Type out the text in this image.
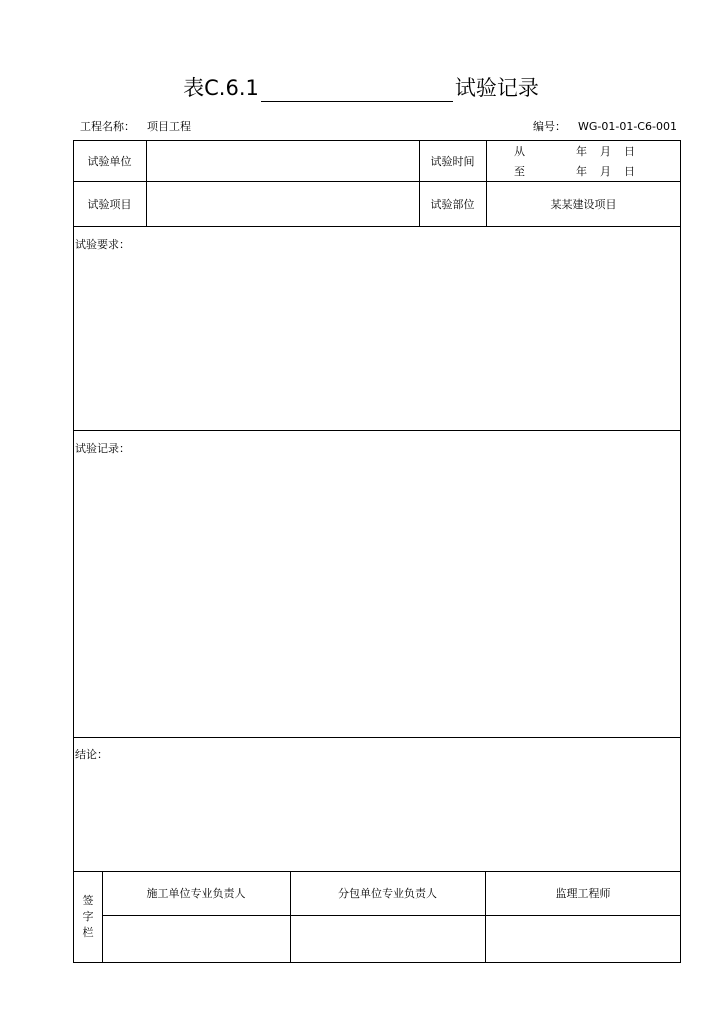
表C.6.1	试验记录
工程名称： 项目工程	编号： WG-01-01-C6-001
试验单位	试验时间
从	年 月 日
至	年 月 日
试验项目	试验部位	某某建设项目
试验要求：
试验记录：
结论：
签
字
栏
施工单位专业负责人	分包单位专业负责人	监理工程师
